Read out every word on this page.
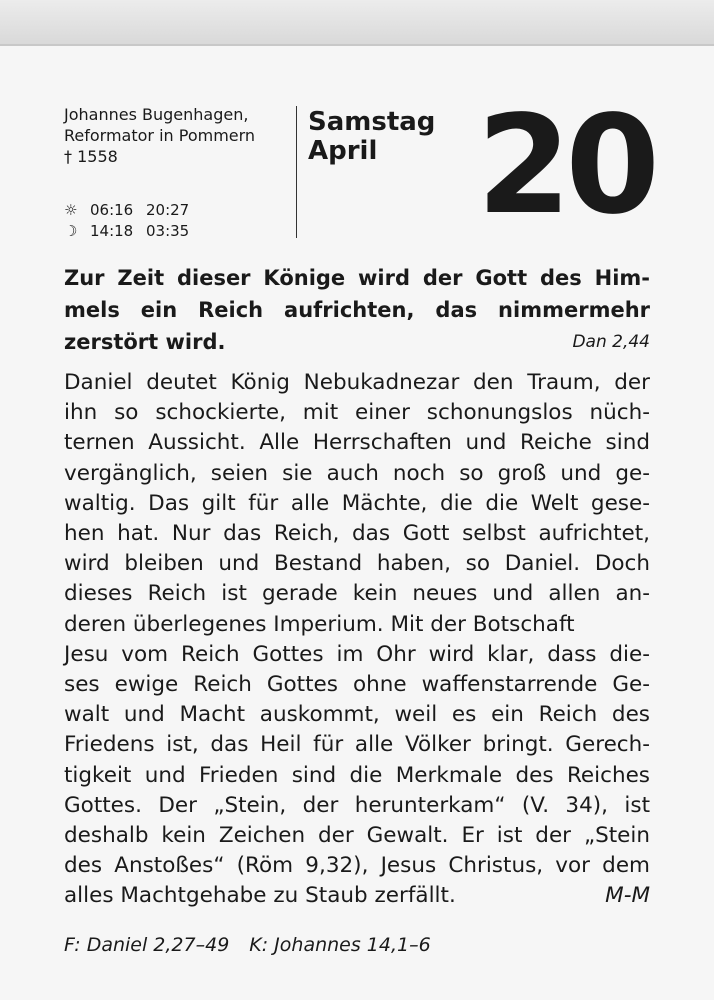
Johannes Bugenhagen,
Reformator in Pommern
† 1558
☼ 06:16 20:27
☽ 14:18 03:35
Samstag
April 20
Zur Zeit dieser Könige wird der Gott des Him-
mels ein Reich aufrichten, das nimmermehr
zerstört wird.	Dan 2,44
Daniel deutet König Nebukadnezar den Traum, der
ihn so schockierte, mit einer schonungslos nüch-
ternen Aussicht. Alle Herrschaften und Reiche sind
vergänglich, seien sie auch noch so groß und ge-
waltig. Das gilt für alle Mächte, die die Welt gese-
hen hat. Nur das Reich, das Gott selbst aufrichtet,
wird bleiben und Bestand haben, so Daniel. Doch
dieses Reich ist gerade kein neues und allen an-
deren überlegenes Imperium. Mit der Botschaft
Jesu vom Reich Gottes im Ohr wird klar, dass die-
ses ewige Reich Gottes ohne waffenstarrende Ge-
walt und Macht auskommt, weil es ein Reich des
Friedens ist, das Heil für alle Völker bringt. Gerech-
tigkeit und Frieden sind die Merkmale des Reiches
Gottes. Der „Stein, der herunterkam“ (V. 34), ist
deshalb kein Zeichen der Gewalt. Er ist der „Stein
des Anstoßes“ (Röm 9,32), Jesus Christus, vor dem
alles Machtgehabe zu Staub zerfällt.	M-M
F: Daniel 2,27–49 K: Johannes 14,1–6
